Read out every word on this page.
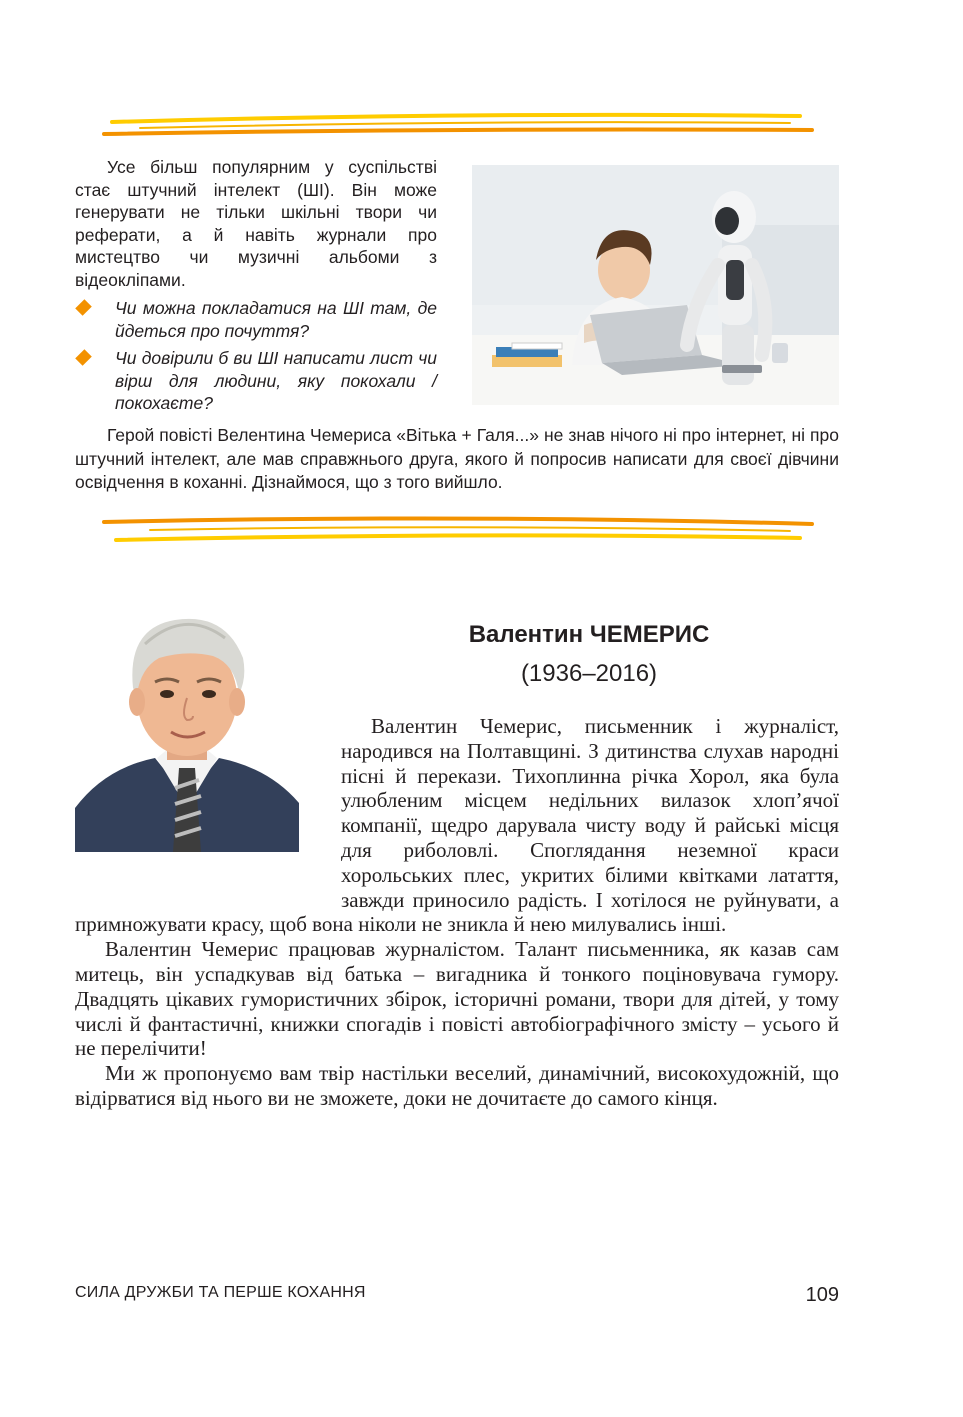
Усе більш популярним у суспільстві стає штучний інтелект (ШІ). Він може генерувати не тільки шкільні твори чи реферати, а й навіть журнали про мистецтво чи музичні альбоми з відеокліпами.

Чи можна покладатися на ШІ там, де йдеться про почуття?
Чи довірили б ви ШІ написати лист чи вірш для людини, яку покохали / покохаєте?

Герой повісті Велентина Чемериса «Вітька + Галя...» не знав нічого ні про інтернет, ні про штучний інтелект, але мав справжнього друга, якого й попросив написати для своєї дівчини освідчення в коханні. Дізнаймося, що з того вийшло.

Валентин ЧЕМЕРИС

(1936–2016)

Валентин Чемерис, письменник і журналіст, народився на Полтавщині. З дитинства слухав народні пісні й перекази. Тихоплинна річка Хорол, яка була улюбленим місцем недільних вилазок хлоп’ячої компанії, щедро дарувала чисту воду й райські місця для риболовлі. Споглядання неземної краси хорольських плес, укритих білими квітками латаття, завжди приносило радість. І хотілося не руйнувати, а примножувати красу, щоб вона ніколи не зникла й нею милувались інші.

Валентин Чемерис працював журналістом. Талант письменника, як казав сам митець, він успадкував від батька – вигадника й тонкого поціновувача гумору. Двадцять цікавих гумористичних збірок, історичні романи, твори для дітей, у тому числі й фантастичні, книжки спогадів і повісті автобіографічного змісту – усього й не перелічити!

Ми ж пропонуємо вам твір настільки веселий, динамічний, високохудожній, що відірватися від нього ви не зможете, доки не дочитаєте до самого кінця.

СИЛА ДРУЖБИ ТА ПЕРШЕ КОХАННЯ	109
